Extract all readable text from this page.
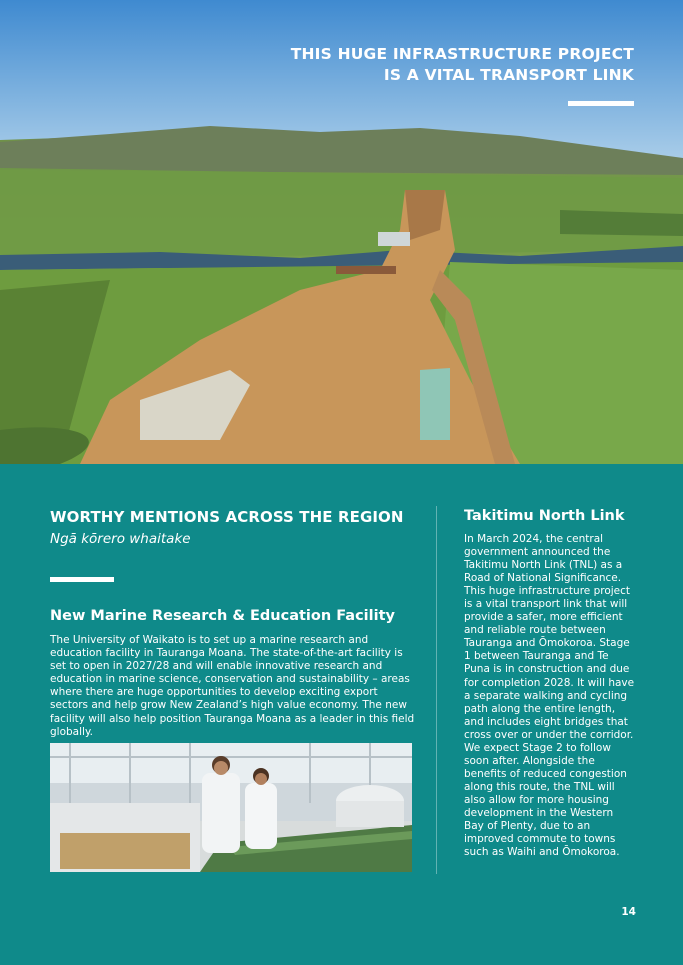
THIS HUGE INFRASTRUCTURE PROJECT
IS A VITAL TRANSPORT LINK
WORTHY MENTIONS ACROSS THE REGION
Ngā kōrero whaitake
New Marine Research & Education Facility

The University of Waikato is to set up a marine research and education facility in Tauranga Moana. The state-of-the-art facility is set to open in 2027/28 and will enable innovative research and education in marine science, conservation and sustainability – areas where there are huge opportunities to develop exciting export sectors and help grow New Zealand’s high value economy. The new facility will also help position Tauranga Moana as a leader in this field globally.

Takitimu North Link

In March 2024, the central government announced the Takitimu North Link (TNL) as a Road of National Significance. This huge infrastructure project is a vital transport link that will provide a safer, more efficient and reliable route between Tauranga and Ōmokoroa. Stage 1 between Tauranga and Te Puna is in construction and due for completion 2028. It will have a separate walking and cycling path along the entire length, and includes eight bridges that cross over or under the corridor. We expect Stage 2 to follow soon after. Alongside the benefits of reduced congestion along this route, the TNL will also allow for more housing development in the Western Bay of Plenty, due to an improved commute to towns such as Waihi and Ōmokoroa.

14
